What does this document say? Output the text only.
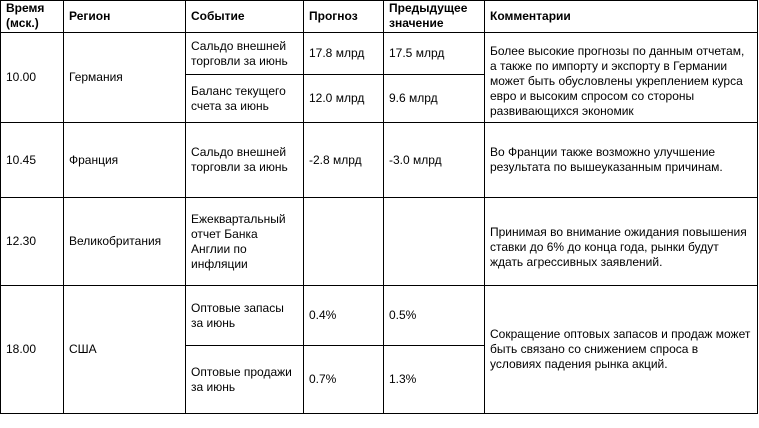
Время (мск.)	Регион	Событие	Прогноз	Предыдущее значение	Комментарии
10.00	Германия	Сальдо внешней торговли за июнь	17.8 млрд	17.5 млрд	Более высокие прогнозы по данным отчетам, а также по импорту и экспорту в Германии может быть обусловлены укреплением курса евро и высоким спросом со стороны развивающихся экономик
		Баланс текущего счета за июнь	12.0 млрд	9.6 млрд	
10.45	Франция	Сальдо внешней торговли за июнь	-2.8 млрд	-3.0 млрд	Во Франции также возможно улучшение результата по вышеуказанным причинам.
12.30	Великобритания	Ежеквартальный отчет Банка Англии по инфляции			Принимая во внимание ожидания повышения ставки до 6% до конца года, рынки будут ждать агрессивных заявлений.
18.00	США	Оптовые запасы за июнь	0.4%	0.5%	Сокращение оптовых запасов и продаж может быть связано со снижением спроса в условиях падения рынка акций.
		Оптовые продажи за июнь	0.7%	1.3%	
